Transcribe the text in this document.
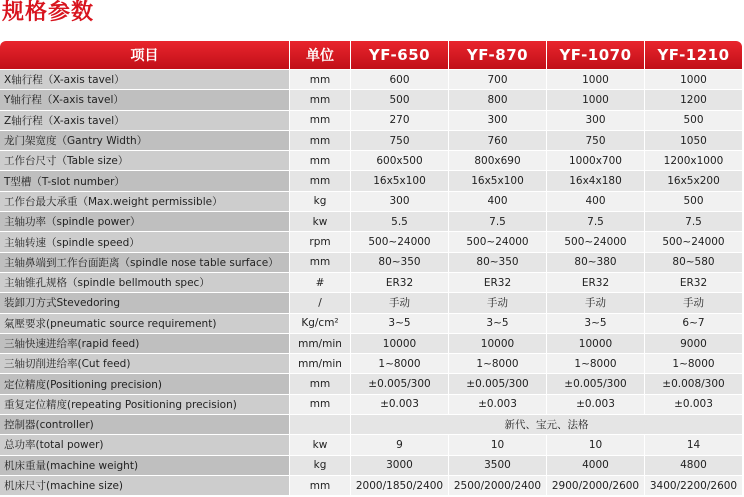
规格参数
项目	单位	YF-650	YF-870	YF-1070	YF-1210
X轴行程（X-axis tavel）	mm	600	700	1000	1000
Y轴行程（X-axis tavel）	mm	500	800	1000	1200
Z轴行程（X-axis tavel）	mm	270	300	300	500
龙门架宽度（Gantry Width）	mm	750	760	750	1050
工作台尺寸（Table size）	mm	600x500	800x690	1000x700	1200x1000
T型槽（T-slot number）	mm	16x5x100	16x5x100	16x4x180	16x5x200
工作台最大承重（Max.weight permissible）	kg	300	400	400	500
主轴功率（spindle power）	kw	5.5	7.5	7.5	7.5
主轴转速（spindle speed）	rpm	500~24000	500~24000	500~24000	500~24000
主轴鼻端到工作台面距离（spindle nose table surface）	mm	80~350	80~350	80~380	80~580
主轴锥孔规格（spindle bellmouth spec）	#	ER32	ER32	ER32	ER32
装卸刀方式Stevedoring	/	手动	手动	手动	手动
氣壓要求(pneumatic source requirement)	Kg/cm²	3~5	3~5	3~5	6~7
三轴快速进给率(rapid feed)	mm/min	10000	10000	10000	9000
三轴切削进给率(Cut feed)	mm/min	1~8000	1~8000	1~8000	1~8000
定位精度(Positioning precision)	mm	±0.005/300	±0.005/300	±0.005/300	±0.008/300
重复定位精度(repeating Positioning precision)	mm	±0.003	±0.003	±0.003	±0.003
控制器(controller)		新代、宝元、法格			
总功率(total power)	kw	9	10	10	14
机床重量(machine weight)	kg	3000	3500	4000	4800
机床尺寸(machine size)	mm	2000/1850/2400	2500/2000/2400	2900/2000/2600	3400/2200/2600
